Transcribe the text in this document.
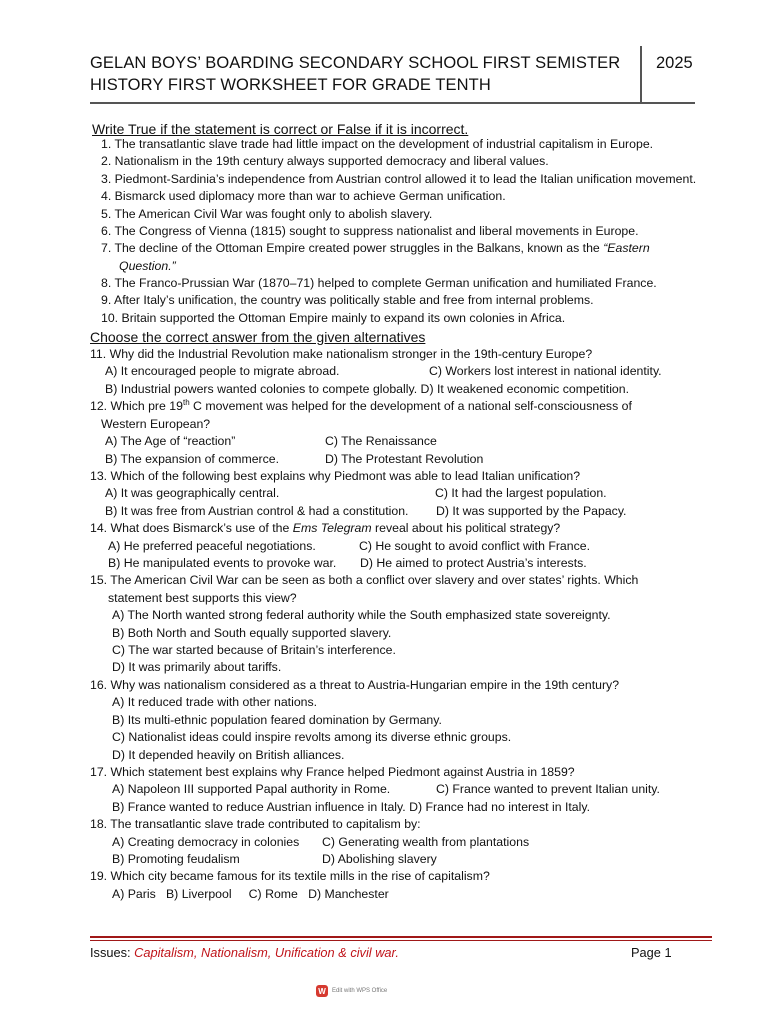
GELAN BOYS’ BOARDING SECONDARY SCHOOL FIRST SEMISTER
HISTORY FIRST WORKSHEET FOR GRADE TENTH
2025
Write True if the statement is correct or False if it is incorrect.
1. The transatlantic slave trade had little impact on the development of industrial capitalism in Europe.
2. Nationalism in the 19th century always supported democracy and liberal values.
3. Piedmont-Sardinia’s independence from Austrian control allowed it to lead the Italian unification movement.
4. Bismarck used diplomacy more than war to achieve German unification.
5. The American Civil War was fought only to abolish slavery.
6. The Congress of Vienna (1815) sought to suppress nationalist and liberal movements in Europe.
7. The decline of the Ottoman Empire created power struggles in the Balkans, known as the “Eastern
Question.”
8. The Franco-Prussian War (1870–71) helped to complete German unification and humiliated France.
9. After Italy’s unification, the country was politically stable and free from internal problems.
10. Britain supported the Ottoman Empire mainly to expand its own colonies in Africa.
Choose the correct answer from the given alternatives
11. Why did the Industrial Revolution make nationalism stronger in the 19th-century Europe?
A) It encouraged people to migrate abroad.	C) Workers lost interest in national identity.
B) Industrial powers wanted colonies to compete globally. D) It weakened economic competition.
12. Which pre 19th C movement was helped for the development of a national self-consciousness of
Western European?
A) The Age of “reaction”	C) The Renaissance
B) The expansion of commerce.	D) The Protestant Revolution
13. Which of the following best explains why Piedmont was able to lead Italian unification?
A) It was geographically central.	C) It had the largest population.
B) It was free from Austrian control & had a constitution. D) It was supported by the Papacy.
14. What does Bismarck’s use of the Ems Telegram reveal about his political strategy?
A) He preferred peaceful negotiations.	C) He sought to avoid conflict with France.
B) He manipulated events to provoke war. D) He aimed to protect Austria’s interests.
15. The American Civil War can be seen as both a conflict over slavery and over states’ rights. Which
statement best supports this view?
A) The North wanted strong federal authority while the South emphasized state sovereignty.
B) Both North and South equally supported slavery.
C) The war started because of Britain’s interference.
D) It was primarily about tariffs.
16. Why was nationalism considered as a threat to Austria-Hungarian empire in the 19th century?
A) It reduced trade with other nations.
B) Its multi-ethnic population feared domination by Germany.
C) Nationalist ideas could inspire revolts among its diverse ethnic groups.
D) It depended heavily on British alliances.
17. Which statement best explains why France helped Piedmont against Austria in 1859?
A) Napoleon III supported Papal authority in Rome.	C) France wanted to prevent Italian unity.
B) France wanted to reduce Austrian influence in Italy. D) France had no interest in Italy.
18. The transatlantic slave trade contributed to capitalism by:
A) Creating democracy in colonies C) Generating wealth from plantations
B) Promoting feudalism	D) Abolishing slavery
19. Which city became famous for its textile mills in the rise of capitalism?
A) Paris   B) Liverpool     C) Rome   D) Manchester
Issues: Capitalism, Nationalism, Unification & civil war.	Page 1
W	Edit with WPS Office
